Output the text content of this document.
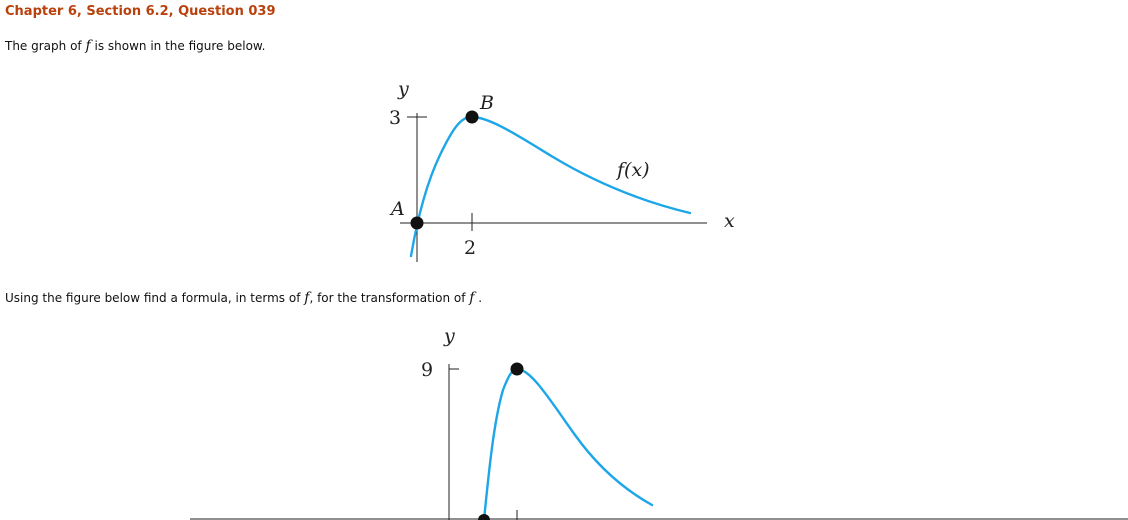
Chapter 6, Section 6.2, Question 039
The graph of f is shown in the figure below.
Using the figure below find a formula, in terms of f, for the transformation of f .
y
3
2
x
A
B
f(x)
y
9
